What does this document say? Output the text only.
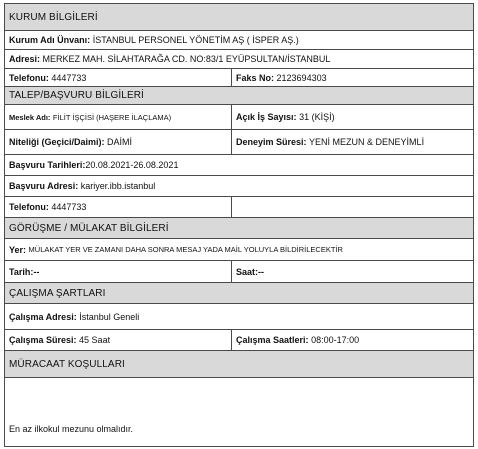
KURUM BİLGİLERİ
Kurum Adı Ünvanı:
İSTANBUL PERSONEL YÖNETİM AŞ ( İSPER AŞ.)
Adresi:
MERKEZ MAH. SİLAHTARAĞA CD. NO:83/1 EYÜPSULTAN/İSTANBUL
Telefonu:
4447733	Faks No:
2123694303
TALEP/BAŞVURU BİLGİLERİ
Meslek Adı:
FİLİT İŞÇİSİ (HAŞERE İLAÇLAMA)	Açık İş Sayısı:
31 (KİŞİ)
Niteliği (Geçici/Daimi):
DAİMİ	Deneyim Süresi:
YENİ MEZUN & DENEYİMLİ
Başvuru Tarihleri: 20.08.2021-26.08.2021
Başvuru Adresi:
kariyer.ibb.istanbul
Telefonu:
4447733
GÖRÜŞME / MÜLAKAT BİLGİLERİ
Yer:
MÜLAKAT YER VE ZAMANI DAHA SONRA MESAJ YADA MAİL YOLUYLA BİLDİRİLECEKTİR
Tarih: --	Saat: --
ÇALIŞMA ŞARTLARI
Çalışma Adresi:
İstanbul Geneli
Çalışma Süresi:
45 Saat	Çalışma Saatleri:
08:00-17:00
MÜRACAAT KOŞULLARI
En az ilkokul mezunu olmalıdır.
